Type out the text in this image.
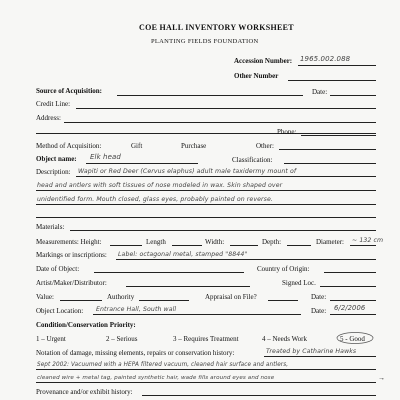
COE HALL INVENTORY WORKSHEET
PLANTING FIELDS FOUNDATION
Accession Number: 1965.002.088
Other Number
Source of Acquisition:	Date:
Credit Line:
Address:
Phone:
Method of Acquisition:	Gift	Purchase	Other:
Object name: Elk head	Classification:
Description: Wapiti or Red Deer (Cervus elaphus) adult male taxidermy mount of
head and antlers with soft tissues of nose modeled in wax. Skin shaped over
unidentified form. Mouth closed, glass eyes, probably painted on reverse.
Materials:
Measurements: Height:	Length	Width:	Depth:	Diameter: ~ 132 cm
Markings or inscriptions: Label: octagonal metal, stamped "8844"
Date of Object:	Country of Origin:
Artist/Maker/Distributor:	Signed Loc.
Value:	Authority	Appraisal on File?	Date:
Object Location: Entrance Hall, South wall	Date: 6/2/2006
Condition/Conservation Priority:
1 – Urgent	2 – Serious	3 – Requires Treatment	4 – Needs Work	5 - Good
Notation of damage, missing elements, repairs or conservation history:	Treated by Catharine Hawks
Sept 2002: Vacuumed with a HEPA filtered vacuum, cleaned hair surface and antlers,
cleaned wire + metal tag, painted synthetic hair, wade fills around eyes and nose	→
Provenance and/or exhibit history:
